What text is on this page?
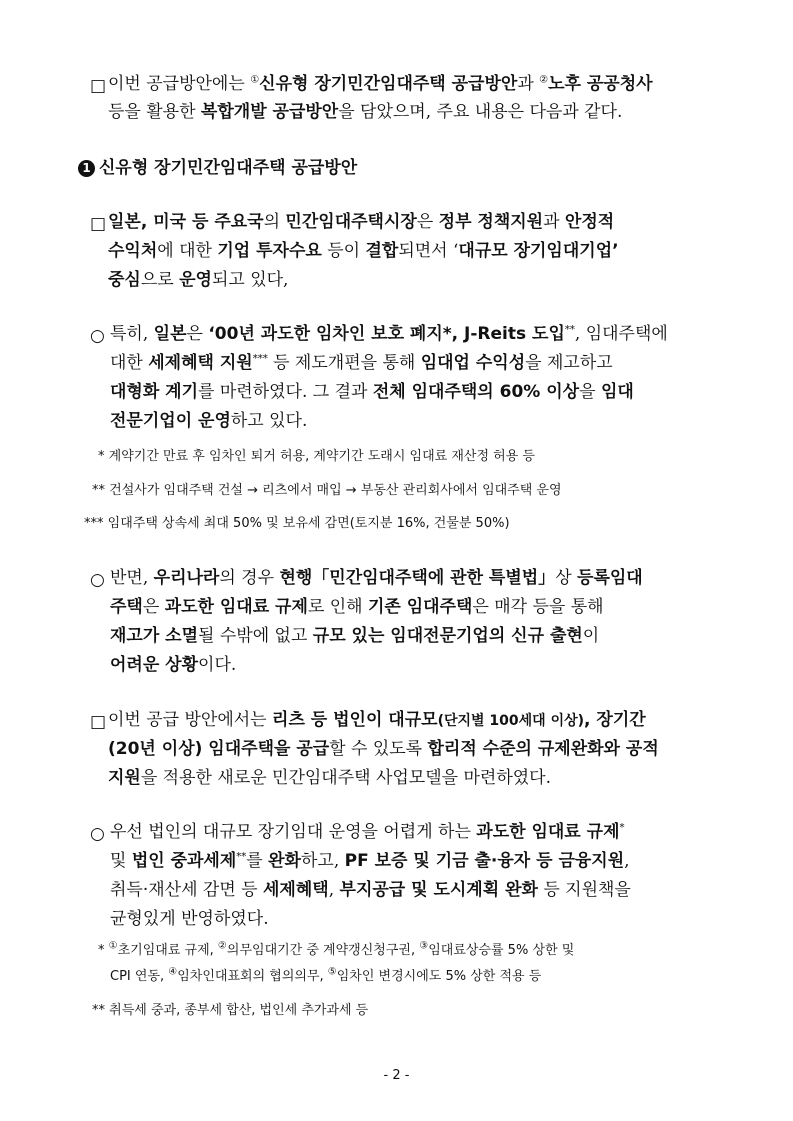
□ 이번 공급방안에는 ①신유형 장기민간임대주택 공급방안과 ②노후 공공청사
등을 활용한 복합개발 공급방안을 담았으며, 주요 내용은 다음과 같다.
1 신유형 장기민간임대주택 공급방안
□ 일본, 미국 등 주요국의 민간임대주택시장은 정부 정책지원과 안정적
수익처에 대한 기업 투자수요 등이 결합되면서 ‘대규모 장기임대기업’
중심으로 운영되고 있다,
○ 특히, 일본은 ‘00년 과도한 임차인 보호 폐지*, J-Reits 도입**, 임대주택에
대한 세제혜택 지원*** 등 제도개편을 통해 임대업 수익성을 제고하고
대형화 계기를 마련하였다. 그 결과 전체 임대주택의 60% 이상을 임대
전문기업이 운영하고 있다.
* 계약기간 만료 후 임차인 퇴거 허용, 계약기간 도래시 임대료 재산정 허용 등
** 건설사가 임대주택 건설 → 리츠에서 매입 → 부동산 관리회사에서 임대주택 운영
*** 임대주택 상속세 최대 50% 및 보유세 감면(토지분 16%, 건물분 50%)
○ 반면, 우리나라의 경우 현행「민간임대주택에 관한 특별법」상 등록임대
주택은 과도한 임대료 규제로 인해 기존 임대주택은 매각 등을 통해
재고가 소멸될 수밖에 없고 규모 있는 임대전문기업의 신규 출현이
어려운 상황이다.
□ 이번 공급 방안에서는 리츠 등 법인이 대규모(단지별 100세대 이상), 장기간
(20년 이상) 임대주택을 공급할 수 있도록 합리적 수준의 규제완화와 공적
지원을 적용한 새로운 민간임대주택 사업모델을 마련하였다.
○ 우선 법인의 대규모 장기임대 운영을 어렵게 하는 과도한 임대료 규제*
및 법인 중과세제**를 완화하고, PF 보증 및 기금 출·융자 등 금융지원,
취득·재산세 감면 등 세제혜택, 부지공급 및 도시계획 완화 등 지원책을
균형있게 반영하였다.
* ①초기임대료 규제, ②의무임대기간 중 계약갱신청구권, ③임대료상승률 5% 상한 및
CPI 연동, ④임차인대표회의 협의의무, ⑤임차인 변경시에도 5% 상한 적용 등
** 취득세 중과, 종부세 합산, 법인세 추가과세 등
- 2 -
